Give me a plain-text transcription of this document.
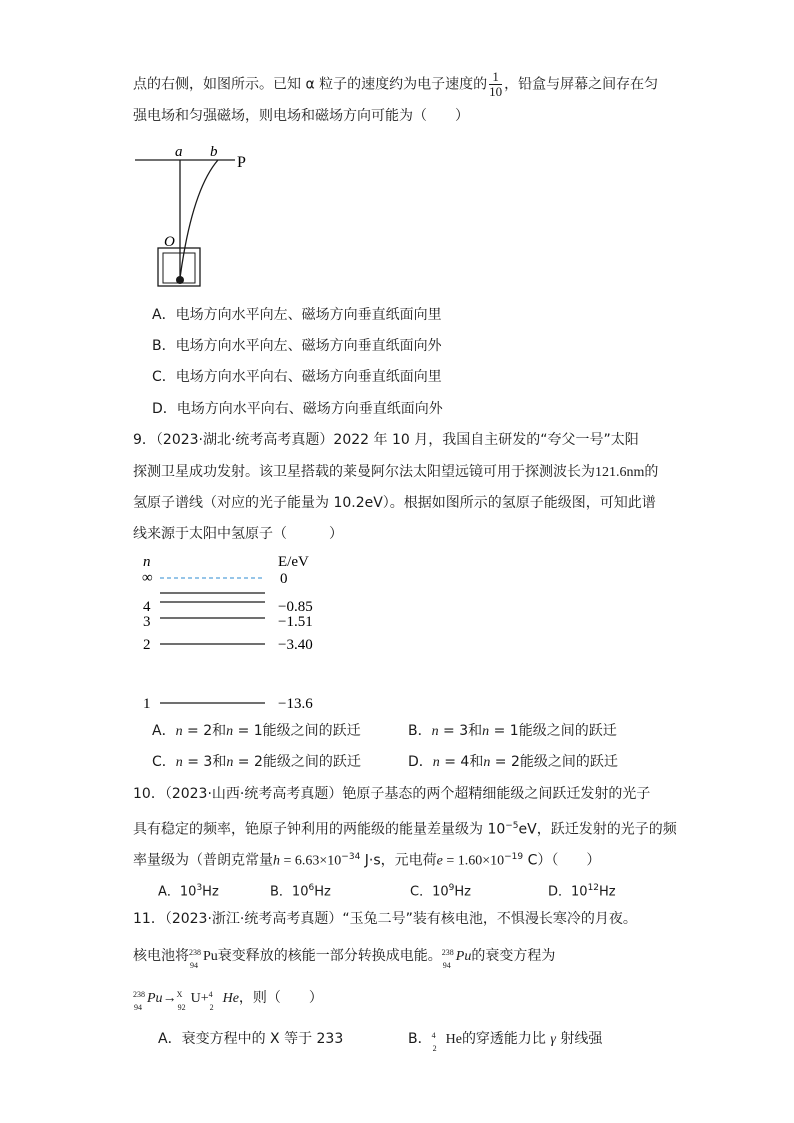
点的右侧，如图所示。已知 α 粒子的速度约为电子速度的 $\frac{1}{10}$ ，铅盒与屏幕之间存在匀
强电场和匀强磁场，则电场和磁场方向可能为（　　）
a b
P
O
A．电场方向水平向左、磁场方向垂直纸面向里
B．电场方向水平向左、磁场方向垂直纸面向外
C．电场方向水平向右、磁场方向垂直纸面向里
D．电场方向水平向右、磁场方向垂直纸面向外
9．（2023·湖北·统考高考真题）2022 年 10 月，我国自主研发的“夸父一号”太阳
探测卫星成功发射。该卫星搭载的莱曼阿尔法太阳望远镜可用于探测波长为121.6nm的
氢原子谱线（对应的光子能量为 10.2eV）。根据如图所示的氢原子能级图，可知此谱
线来源于太阳中氢原子（　　　）
n	E/eV
∞	0
4	−0.85
3	−1.51
2	−3.40
1	−13.6
A．n = 2和n = 1能级之间的跃迁	B．n = 3和n = 1能级之间的跃迁
C．n = 3和n = 2能级之间的跃迁	D．n = 4和n = 2能级之间的跃迁
10．（2023·山西·统考高考真题）铯原子基态的两个超精细能级之间跃迁发射的光子
具有稳定的频率，铯原子钟利用的两能级的能量差量级为 $10^{-5}eV$，跃迁发射的光子的频
率量级为（普朗克常量$h = 6.63\times 10^{-34}$ J·s，元电荷$e = 1.60\times 10^{-19}$ C）（　　）
A．$10^3Hz$	B．$10^6Hz$	C．$10^9Hz$	D．$10^{12}Hz$
11．（2023·浙江·统考高考真题）“玉兔二号”装有核电池，不惧漫长寒冷的月夜。
核电池将 238
94
Pu衰变释放的核能一部分转换成电能。 238
94
Pu的衰变方程为
238
94
Pu→ X
92
U+ 4
2
He，则（　　）
A．衰变方程中的 X 等于 233	B． 4
2
He的穿透能力比 γ 射线强
